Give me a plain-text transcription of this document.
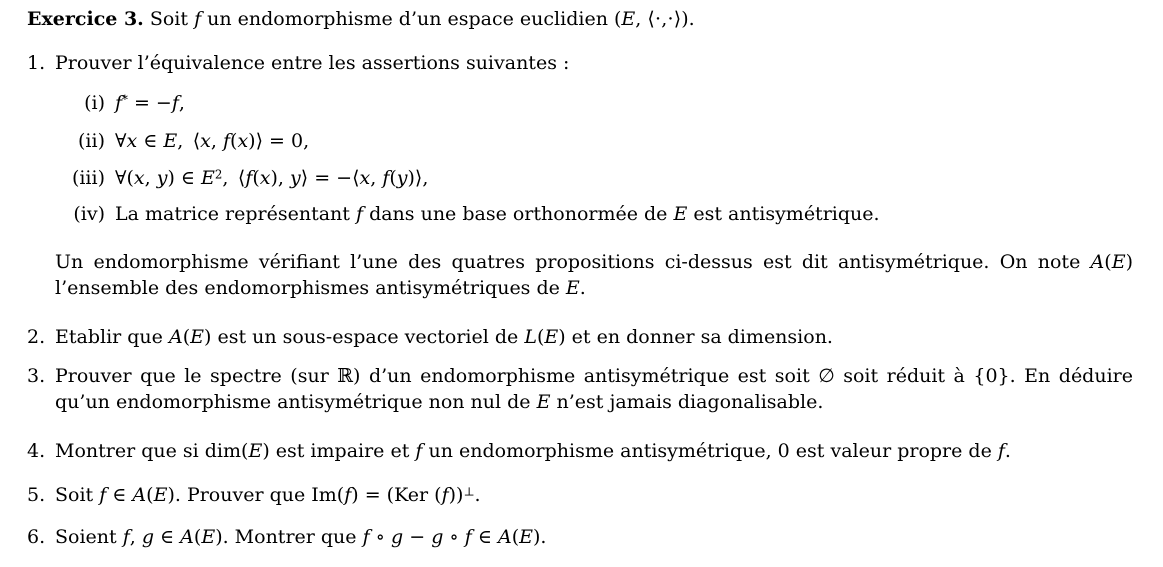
Exercice 3. Soit f un endomorphisme d’un espace euclidien (E, ⟨⋅,⋅⟩).
1. Prouver l’équivalence entre les assertions suivantes :
(i) f* = −f,
(ii) ∀x ∈ E, ⟨x, f(x)⟩ = 0,
(iii) ∀(x, y) ∈ $E^2$, ⟨f(x), y⟩ = −⟨x, f(y)⟩,
(iv) La matrice représentant f dans une base orthonormée de E est antisymétrique.
Un endomorphisme vérifiant l’une des quatres propositions ci-dessus est dit antisymétrique. On note A(E)
l’ensemble des endomorphismes antisymétriques de E.
2. Etablir que A(E) est un sous-espace vectoriel de L(E) et en donner sa dimension.
3. Prouver que le spectre (sur ℝ) d’un endomorphisme antisymétrique est soit ∅ soit réduit à {0}. En déduire
qu’un endomorphisme antisymétrique non nul de E n’est jamais diagonalisable.
4. Montrer que si dim(E) est impaire et f un endomorphisme antisymétrique, 0 est valeur propre de f.
5. Soit f ∈ A(E). Prouver que Im(f) = (Ker (f))⊥.
6. Soient f, g ∈ A(E). Montrer que f ∘ g − g ∘ f ∈ A(E).
